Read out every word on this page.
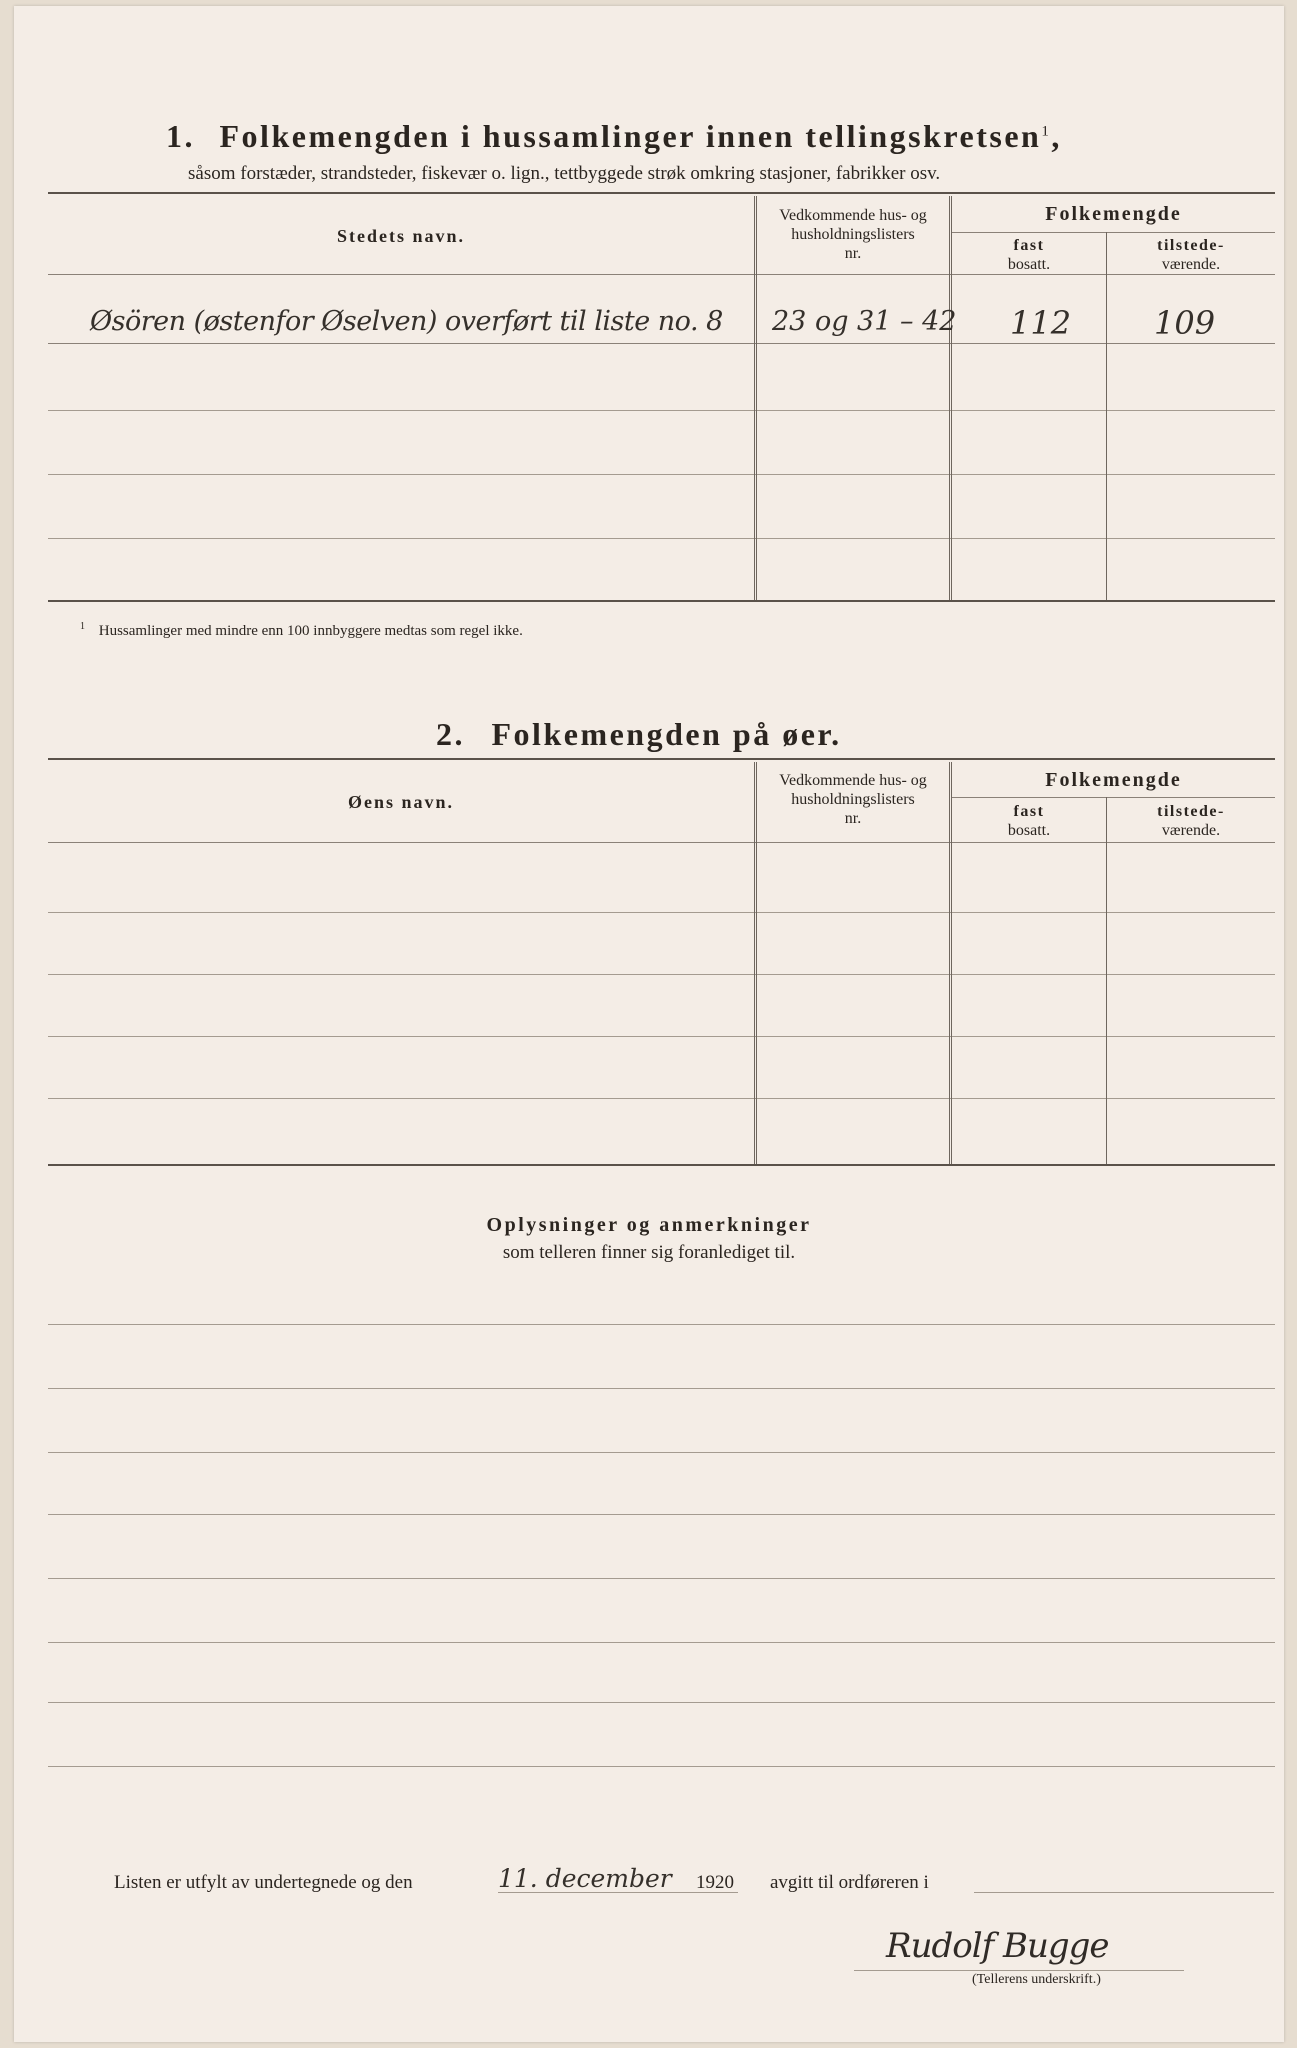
1. Folkemengden i hussamlinger innen tellingskretsen$^1$,
såsom forstæder, strandsteder, fiskevær o. lign., tettbyggede strøk omkring stasjoner, fabrikker osv.
Stedets navn.
Vedkommende hus- og
husholdningslisters
nr.
Folkemengde
fast
bosatt.
tilstede-
værende.
Øsören (østenfor Øselven) overført til liste no. 8 23 og 31 – 42 112	109
$^1$ Hussamlinger med mindre enn 100 innbyggere medtas som regel ikke.
2. Folkemengden på øer.
Øens navn.
Vedkommende hus- og
husholdningslisters
nr.
Folkemengde
fast
bosatt.
tilstede-
værende.
Oplysninger og anmerkninger
som telleren finner sig foranlediget til.
Listen er utfylt av undertegnede og den	11. december 1920 avgitt til ordføreren i
Rudolf Bugge
(Tellerens underskrift.)
